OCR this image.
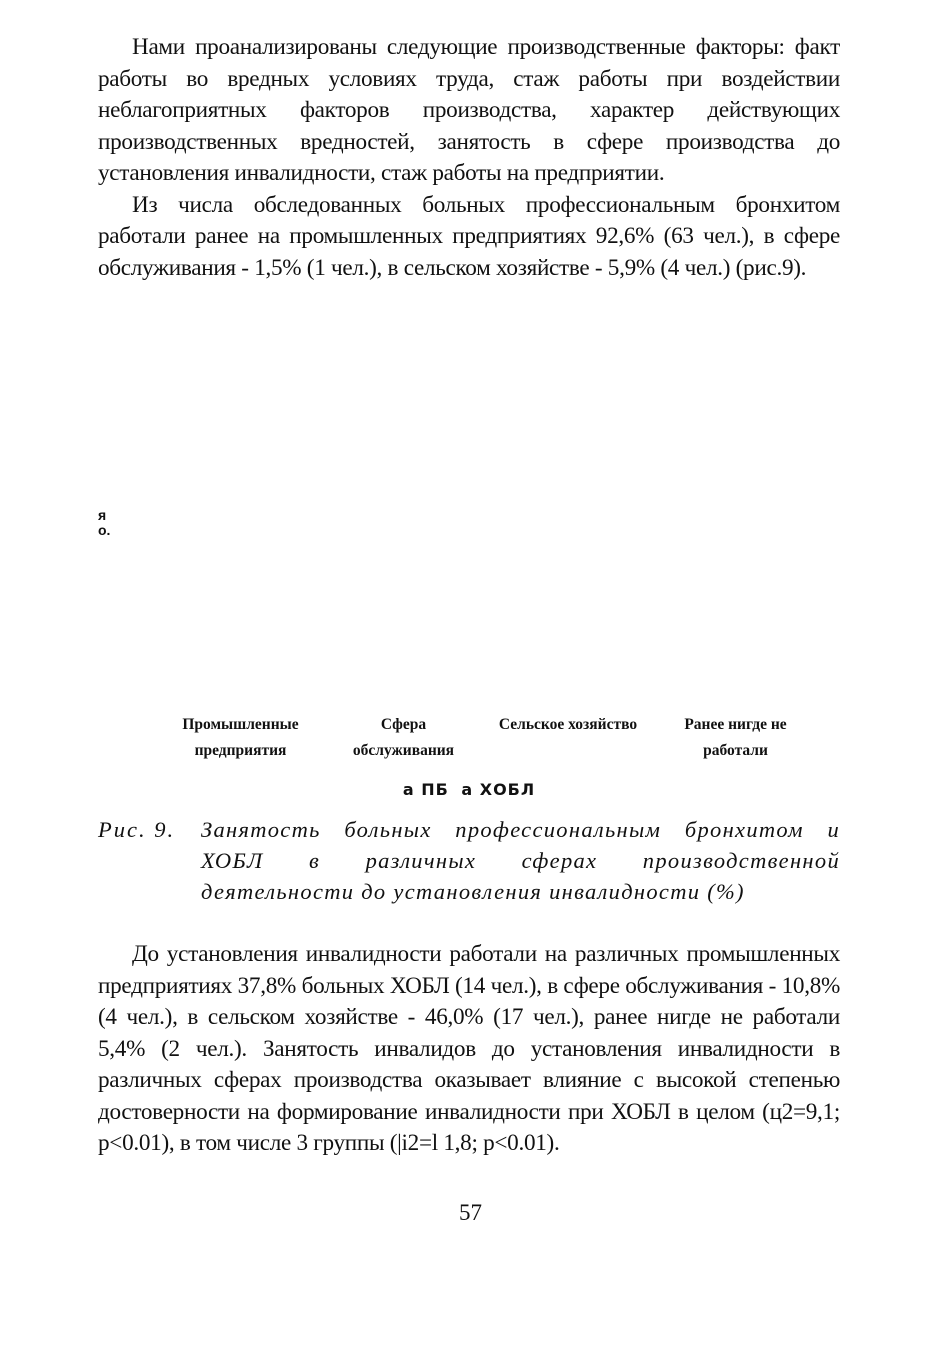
Нами проанализированы следующие производственные факторы: факт работы во вредных условиях труда, стаж работы при воздействии неблагоприятных факторов производства, характер действующих производственных вредностей, занятость в сфере производства до установления инвалидности, стаж работы на предприятии.

Из числа обследованных больных профессиональным бронхитом работали ранее на промышленных предприятиях 92,6% (63 чел.), в сфере обслуживания - 1,5% (1 чел.), в сельском хозяйстве - 5,9% (4 чел.) (рис.9).

я о.
Промышленные предприятия
Сфера обслуживания
Сельское хозяйство	Ранее нигде не работали
а ПБ а ХОБЛ
Рис. 9.	Занятость больных профессиональным бронхитом и ХОБЛ в различных сферах производственной деятельности до установления инвалидности (%)

До установления инвалидности работали на различных промышленных предприятиях 37,8% больных ХОБЛ (14 чел.), в сфере обслуживания - 10,8% (4 чел.), в сельском хозяйстве - 46,0% (17 чел.), ранее нигде не работали 5,4% (2 чел.). Занятость инвалидов до установления инвалидности в различных сферах производства оказывает влияние с высокой степенью достоверности на формирование инвалидности при ХОБЛ в целом (ц2=9,1; p<0.01), в том числе 3 группы (|i2=l 1,8; p<0.01).

57
